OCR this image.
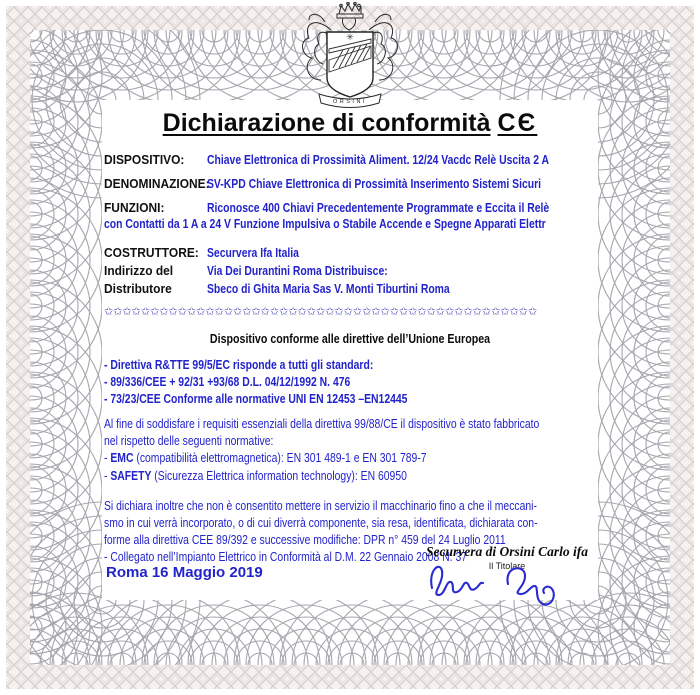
✳
ORSINI
Dichiarazione di conformità CЄ
DISPOSITIVO:	Chiave Elettronica di Prossimità Aliment. 12/24 Vacdc Relè Uscita 2 A
DENOMINAZIONE:
SV-KPD Chiave Elettronica di Prossimità Inserimento Sistemi Sicuri
FUNZIONI:	Riconosce 400 Chiavi Precedentemente Programmate e Eccita il Relè
con Contatti da 1 A a 24 V Funzione Impulsiva o Stabile Accende e Spegne Apparati Elettr
COSTRUTTORE: Securvera Ifa Italia
Indirizzo del	Via Dei Durantini Roma Distribuisce:
Distributore	Sbeco di Ghita Maria Sas V. Monti Tiburtini Roma
✩✩✩✩✩✩✩✩✩✩✩✩✩✩✩✩✩✩✩✩✩✩✩✩✩✩✩✩✩✩✩✩✩✩✩✩✩✩✩✩✩✩✩✩✩✩✩
Dispositivo conforme alle direttive dell’Unione Europea
- Direttiva R&TTE 99/5/EC risponde a tutti gli standard:
- 89/336/CEE + 92/31 +93/68 D.L. 04/12/1992 N. 476
- 73/23/CEE Conforme alle normative UNI EN 12453 –EN12445
Al fine di soddisfare i requisiti essenziali della direttiva 99/88/CE il dispositivo è stato fabbricato
nel rispetto delle seguenti normative:
- EMC (compatibilità elettromagnetica): EN 301 489-1 e EN 301 789-7
- SAFETY (Sicurezza Elettrica information technology): EN 60950
Si dichiara inoltre che non è consentito mettere in servizio il macchinario fino a che il meccani-
smo in cui verrà incorporato, o di cui diverrà componente, sia resa, identificata, dichiarata con-
forme alla direttiva CEE 89/392 e successive modifiche: DPR n° 459 del 24 Luglio 2011
- Collegato nell’Impianto Elettrico in Conformità al D.M. 22 Gennaio 2008 N. 37
Securvera di Orsini Carlo ifa
Il Titolare
Roma 16 Maggio 2019
